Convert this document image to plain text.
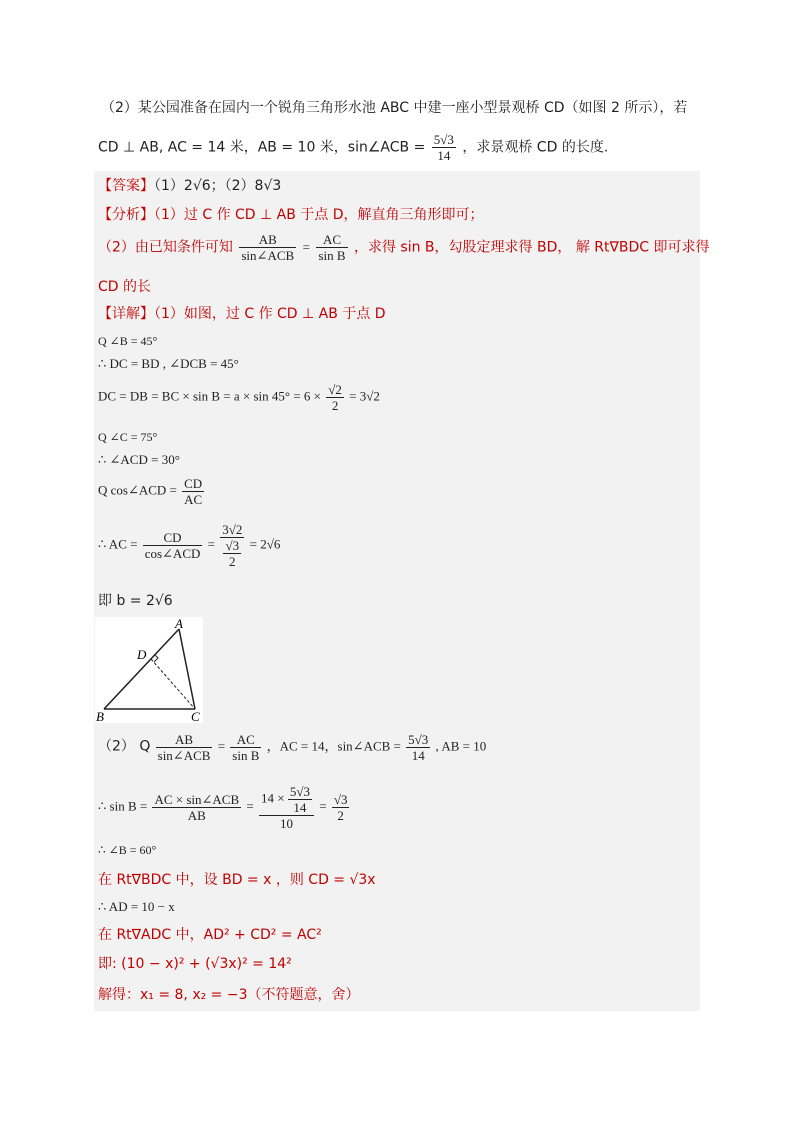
（2）某公园准备在园内一个锐角三角形水池 ABC 中建一座小型景观桥 CD（如图 2 所示），若
CD ⊥ AB, AC = 14 米，AB = 10 米，sin∠ACB = $\frac{5√3}{14}$ ，求景观桥 CD 的长度.
【答案】（1）2√6；（2）8√3
【分析】（1）过 C 作 CD ⊥ AB 于点 D，解直角三角形即可；
（2）由已知条件可知 $\frac{AB}{\text{sin∠ACB}} = \frac{AC}{\text{sin B}}$ ，求得 sin B，勾股定理求得 BD， 解 Rt∇BDC 即可求得
CD 的长
【详解】（1）如图，过 C 作 CD ⊥ AB 于点 D
Q ∠B = 45°
∴ DC = BD , ∠DCB = 45°
DC = DB = BC × $\sin B = a \times \sin 45^\circ = 6 \times \frac{√2}{2} = 3√2$
Q ∠C = 75°
∴ ∠ACD = 30°
Q cos∠ACD = $\frac{CD}{AC}$
∴ AC = $\frac{CD}{\text{cos∠ACD}} = \frac{3√2}{\frac{√3}{2}} = 2√6$
即 b = 2√6
A
B	C
D
（2） Q $\frac{AB}{\text{sin∠ACB}} = \frac{AC}{\text{sin B}}$ ，AC = 14，sin∠ACB = $\frac{5√3}{14}$ , AB = 10
∴ $\sin B = \frac{\text{AC × sin∠ACB}}{AB} = \frac{14 \times \frac{5√3}{14}}{10} = \frac{√3}{2}$
∴ ∠B = 60°
在 Rt∇BDC 中，设 BD = x ，则 CD = √3x
∴ AD = 10 − x
在 Rt∇ADC 中，AD² + CD² = AC²
即: (10 − x)² + (√3x)² = 14²
解得：x₁ = 8, x₂ = −3（不符题意，舍）
